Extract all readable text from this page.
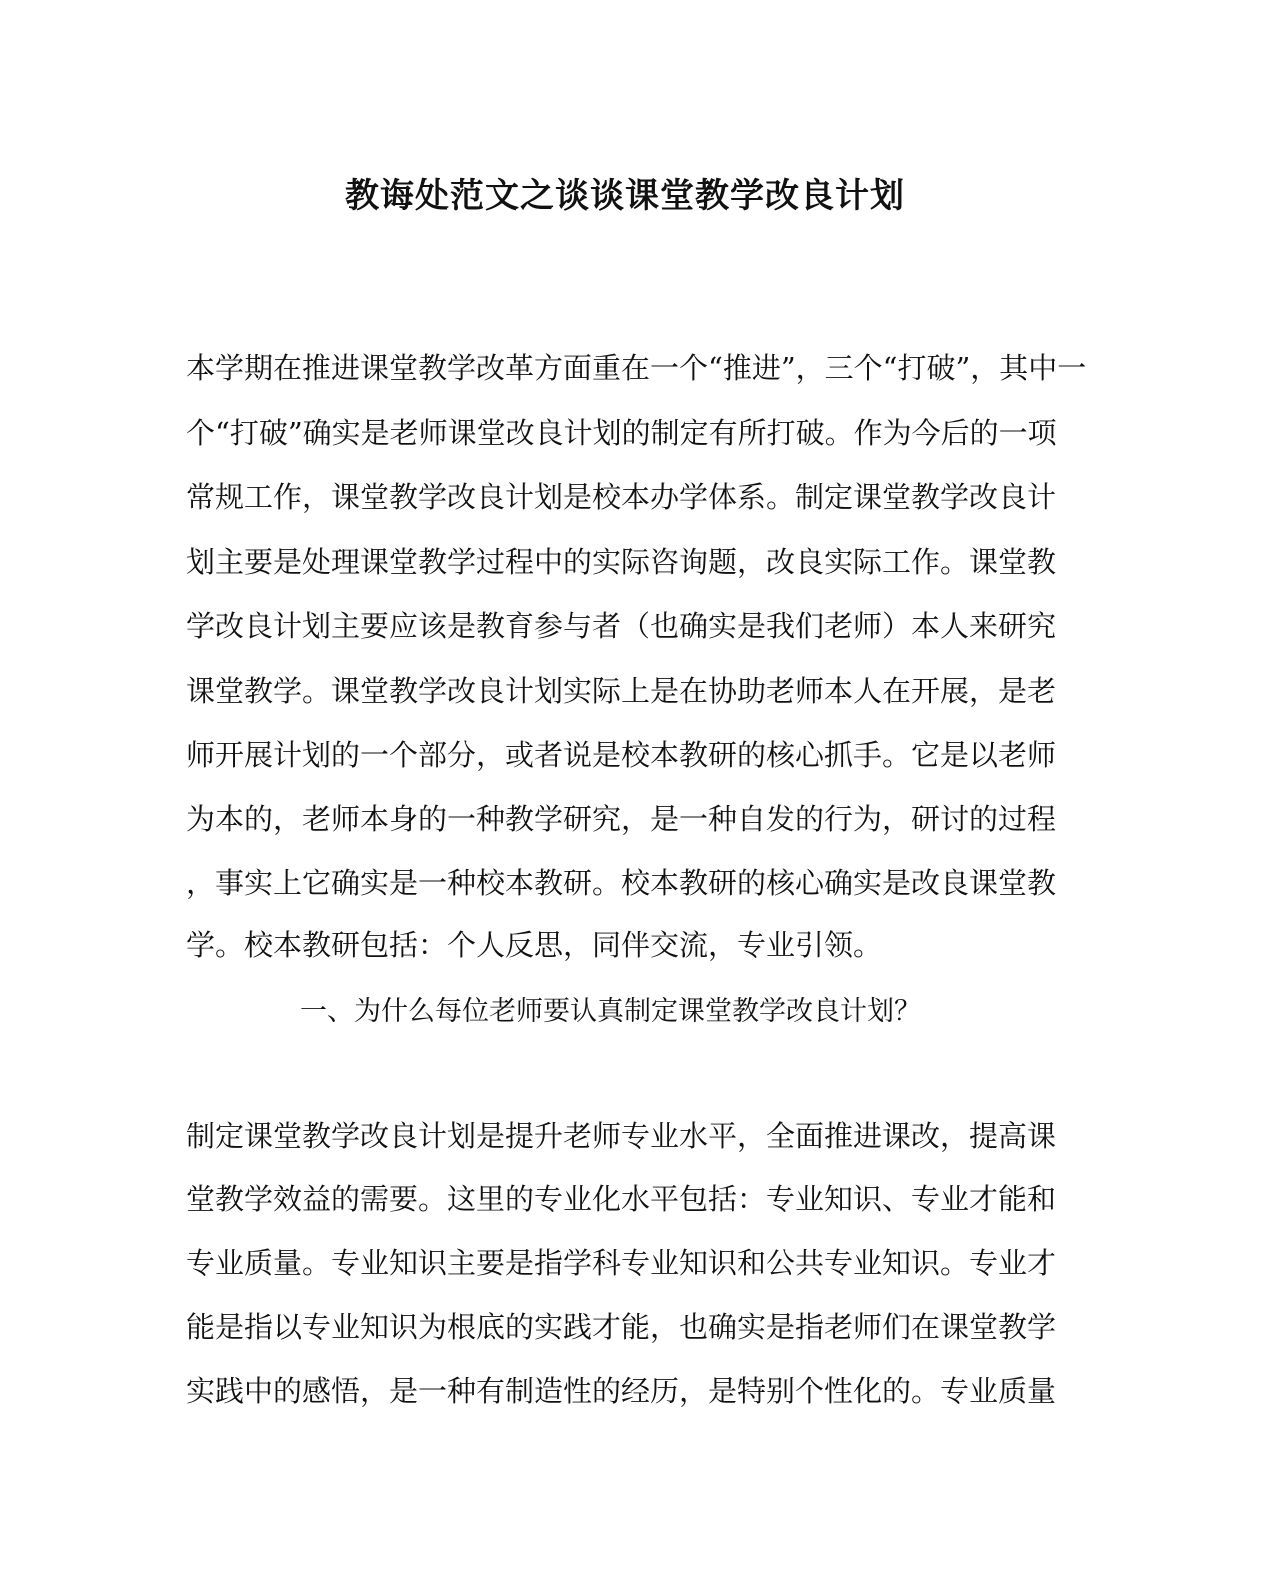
教诲处范文之谈谈课堂教学改良计划
本学期在推进课堂教学改革方面重在一个“推进”，三个“打破”，其中一
个“打破”确实是老师课堂改良计划的制定有所打破。作为今后的一项
常规工作，课堂教学改良计划是校本办学体系。制定课堂教学改良计
划主要是处理课堂教学过程中的实际咨询题，改良实际工作。课堂教
学改良计划主要应该是教育参与者（也确实是我们老师）本人来研究
课堂教学。课堂教学改良计划实际上是在协助老师本人在开展，是老
师开展计划的一个部分，或者说是校本教研的核心抓手。它是以老师
为本的，老师本身的一种教学研究，是一种自发的行为，研讨的过程
，事实上它确实是一种校本教研。校本教研的核心确实是改良课堂教
学。校本教研包括：个人反思，同伴交流，专业引领。
一、为什么每位老师要认真制定课堂教学改良计划？
制定课堂教学改良计划是提升老师专业水平，全面推进课改，提高课
堂教学效益的需要。这里的专业化水平包括：专业知识、专业才能和
专业质量。专业知识主要是指学科专业知识和公共专业知识。专业才
能是指以专业知识为根底的实践才能，也确实是指老师们在课堂教学
实践中的感悟，是一种有制造性的经历，是特别个性化的。专业质量
